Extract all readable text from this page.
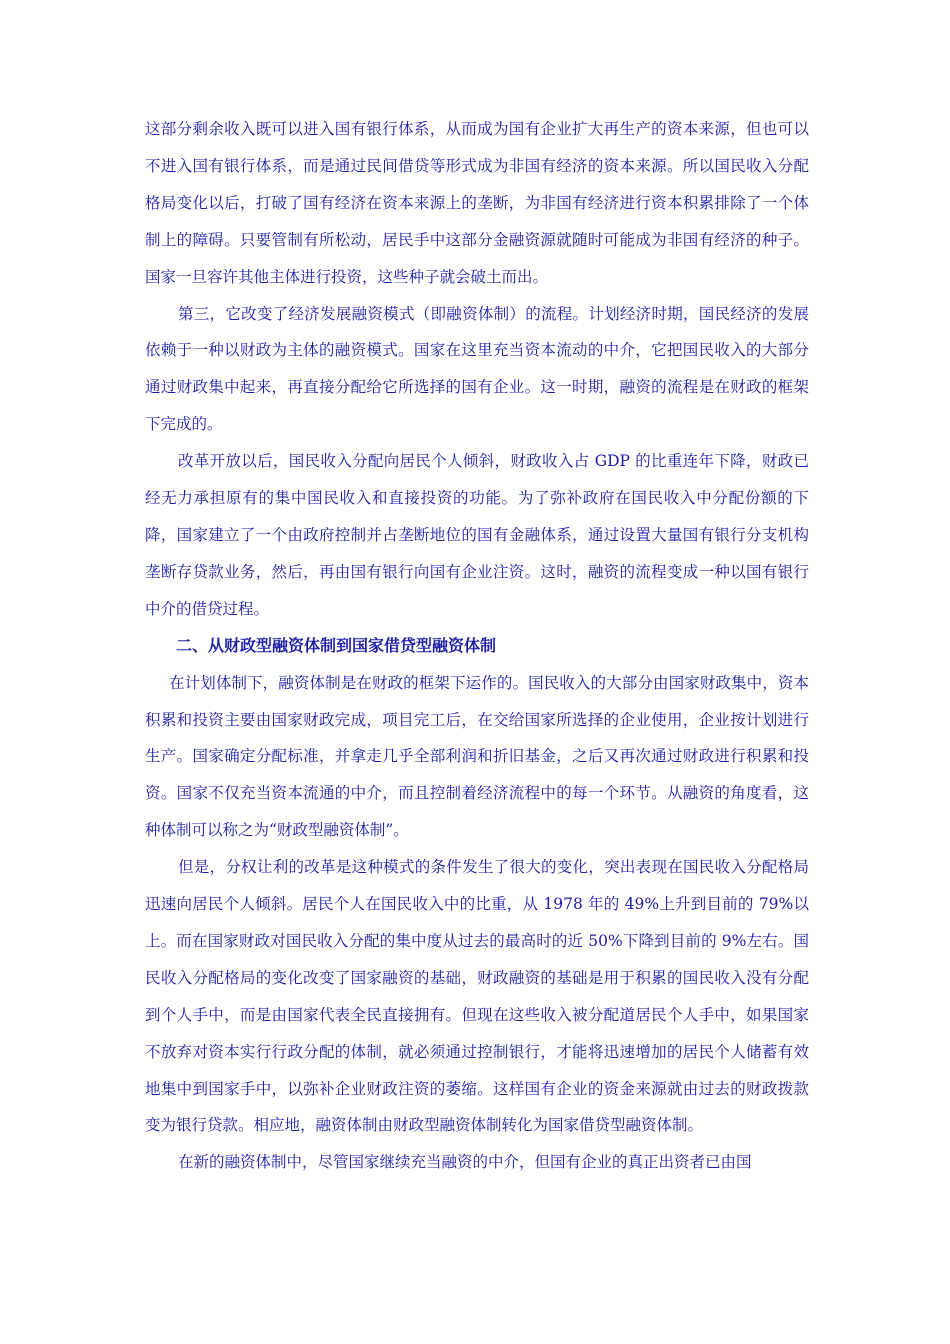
这部分剩余收入既可以进入国有银行体系，从而成为国有企业扩大再生产的资本来源，但也可以不进入国有银行体系，而是通过民间借贷等形式成为非国有经济的资本来源。所以国民收入分配格局变化以后，打破了国有经济在资本来源上的垄断，为非国有经济进行资本积累排除了一个体制上的障碍。只要管制有所松动，居民手中这部分金融资源就随时可能成为非国有经济的种子。国家一旦容许其他主体进行投资，这些种子就会破土而出。

第三，它改变了经济发展融资模式（即融资体制）的流程。计划经济时期，国民经济的发展依赖于一种以财政为主体的融资模式。国家在这里充当资本流动的中介，它把国民收入的大部分通过财政集中起来，再直接分配给它所选择的国有企业。这一时期，融资的流程是在财政的框架下完成的。

改革开放以后，国民收入分配向居民个人倾斜，财政收入占 GDP 的比重连年下降，财政已经无力承担原有的集中国民收入和直接投资的功能。为了弥补政府在国民收入中分配份额的下降，国家建立了一个由政府控制并占垄断地位的国有金融体系，通过设置大量国有银行分支机构垄断存贷款业务，然后，再由国有银行向国有企业注资。这时，融资的流程变成一种以国有银行中介的借贷过程。

二、从财政型融资体制到国家借贷型融资体制

在计划体制下，融资体制是在财政的框架下运作的。国民收入的大部分由国家财政集中，资本积累和投资主要由国家财政完成，项目完工后，在交给国家所选择的企业使用，企业按计划进行生产。国家确定分配标准，并拿走几乎全部利润和折旧基金，之后又再次通过财政进行积累和投资。国家不仅充当资本流通的中介，而且控制着经济流程中的每一个环节。从融资的角度看，这种体制可以称之为“财政型融资体制”。

但是，分权让利的改革是这种模式的条件发生了很大的变化，突出表现在国民收入分配格局迅速向居民个人倾斜。居民个人在国民收入中的比重，从 1978 年的 49%上升到目前的 79%以上。而在国家财政对国民收入分配的集中度从过去的最高时的近 50%下降到目前的 9%左右。国民收入分配格局的变化改变了国家融资的基础，财政融资的基础是用于积累的国民收入没有分配到个人手中，而是由国家代表全民直接拥有。但现在这些收入被分配道居民个人手中，如果国家不放弃对资本实行行政分配的体制，就必须通过控制银行，才能将迅速增加的居民个人储蓄有效地集中到国家手中，以弥补企业财政注资的萎缩。这样国有企业的资金来源就由过去的财政拨款变为银行贷款。相应地，融资体制由财政型融资体制转化为国家借贷型融资体制。

在新的融资体制中，尽管国家继续充当融资的中介，但国有企业的真正出资者已由国
